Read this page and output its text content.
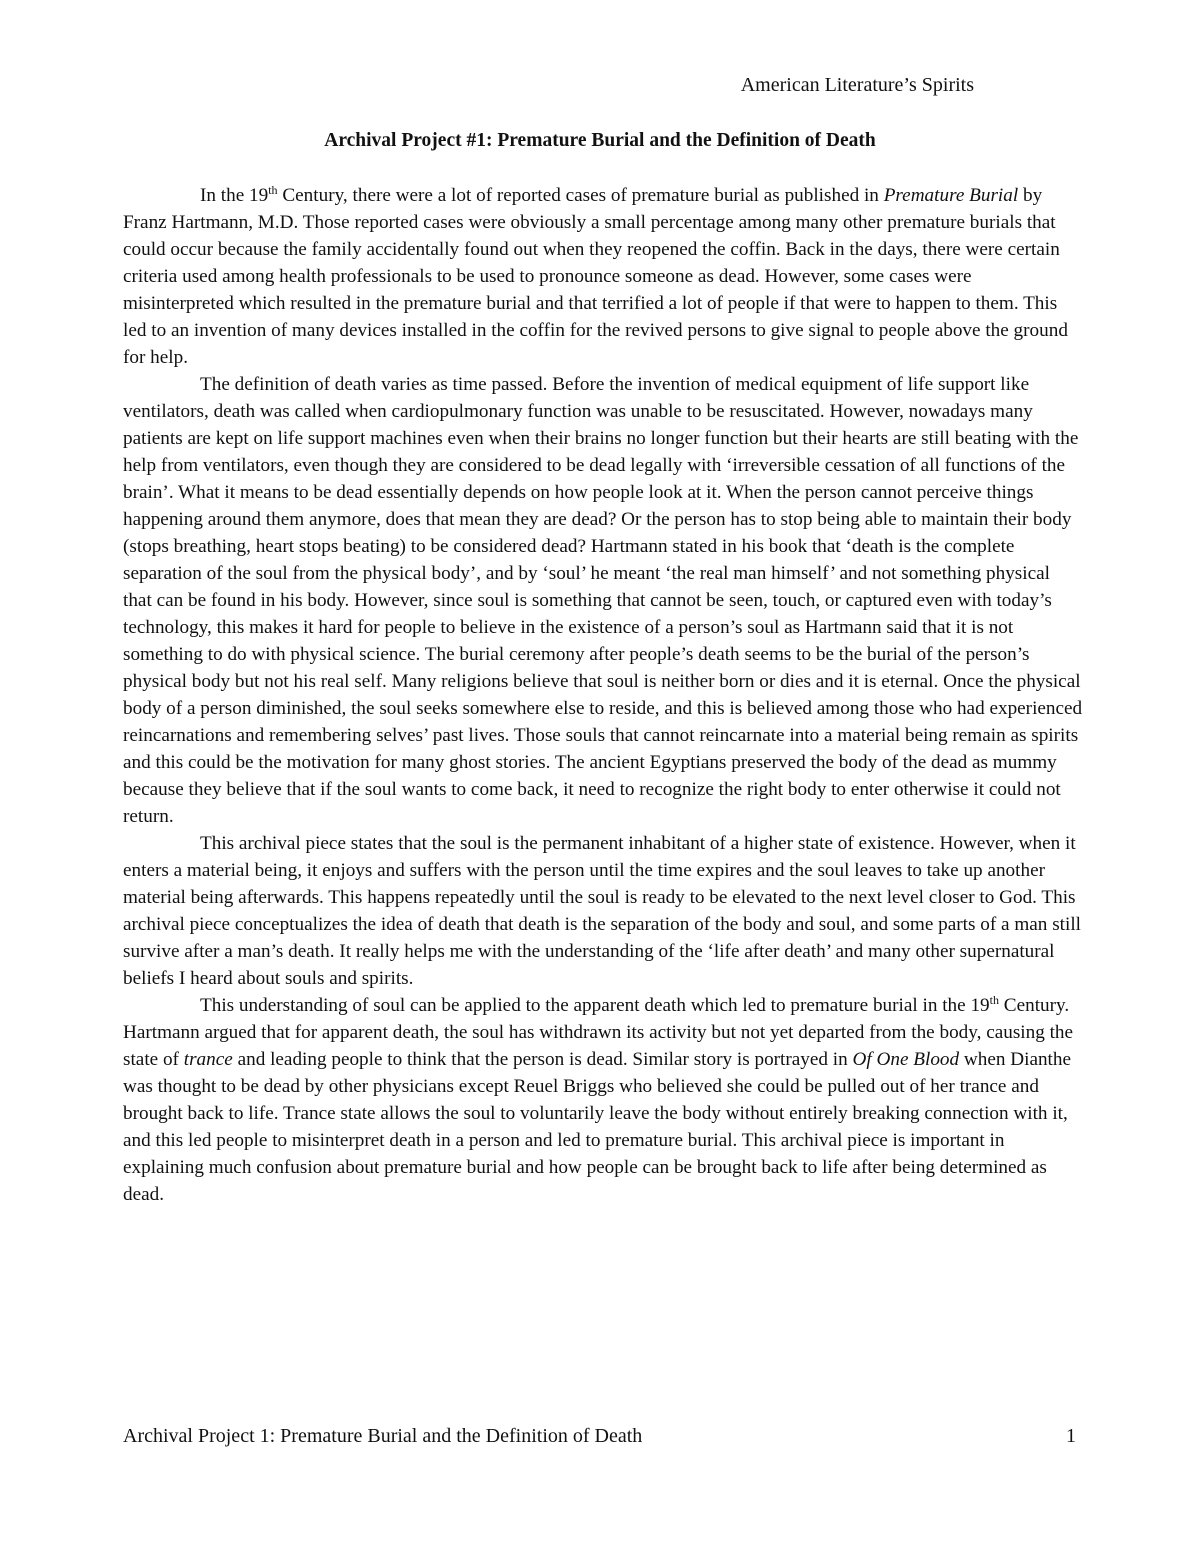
American Literature’s Spirits
Archival Project #1: Premature Burial and the Definition of Death

In the 19th Century, there were a lot of reported cases of premature burial as published in Premature Burial by Franz Hartmann, M.D. Those reported cases were obviously a small percentage among many other premature burials that could occur because the family accidentally found out when they reopened the coffin. Back in the days, there were certain criteria used among health professionals to be used to pronounce someone as dead. However, some cases were misinterpreted which resulted in the premature burial and that terrified a lot of people if that were to happen to them. This led to an invention of many devices installed in the coffin for the revived persons to give signal to people above the ground for help.

The definition of death varies as time passed. Before the invention of medical equipment of life support like ventilators, death was called when cardiopulmonary function was unable to be resuscitated. However, nowadays many patients are kept on life support machines even when their brains no longer function but their hearts are still beating with the help from ventilators, even though they are considered to be dead legally with ‘irreversible cessation of all functions of the brain’. What it means to be dead essentially depends on how people look at it. When the person cannot perceive things happening around them anymore, does that mean they are dead? Or the person has to stop being able to maintain their body (stops breathing, heart stops beating) to be considered dead? Hartmann stated in his book that ‘death is the complete separation of the soul from the physical body’, and by ‘soul’ he meant ‘the real man himself’ and not something physical that can be found in his body. However, since soul is something that cannot be seen, touch, or captured even with today’s technology, this makes it hard for people to believe in the existence of a person’s soul as Hartmann said that it is not something to do with physical science. The burial ceremony after people’s death seems to be the burial of the person’s physical body but not his real self. Many religions believe that soul is neither born or dies and it is eternal. Once the physical body of a person diminished, the soul seeks somewhere else to reside, and this is believed among those who had experienced reincarnations and remembering selves’ past lives. Those souls that cannot reincarnate into a material being remain as spirits and this could be the motivation for many ghost stories. The ancient Egyptians preserved the body of the dead as mummy because they believe that if the soul wants to come back, it need to recognize the right body to enter otherwise it could not return.

This archival piece states that the soul is the permanent inhabitant of a higher state of existence. However, when it enters a material being, it enjoys and suffers with the person until the time expires and the soul leaves to take up another material being afterwards. This happens repeatedly until the soul is ready to be elevated to the next level closer to God. This archival piece conceptualizes the idea of death that death is the separation of the body and soul, and some parts of a man still survive after a man’s death. It really helps me with the understanding of the ‘life after death’ and many other supernatural beliefs I heard about souls and spirits.

This understanding of soul can be applied to the apparent death which led to premature burial in the 19th Century. Hartmann argued that for apparent death, the soul has withdrawn its activity but not yet departed from the body, causing the state of trance and leading people to think that the person is dead. Similar story is portrayed in Of One Blood when Dianthe was thought to be dead by other physicians except Reuel Briggs who believed she could be pulled out of her trance and brought back to life. Trance state allows the soul to voluntarily leave the body without entirely breaking connection with it, and this led people to misinterpret death in a person and led to premature burial. This archival piece is important in explaining much confusion about premature burial and how people can be brought back to life after being determined as dead.

Archival Project 1: Premature Burial and the Definition of Death	1
